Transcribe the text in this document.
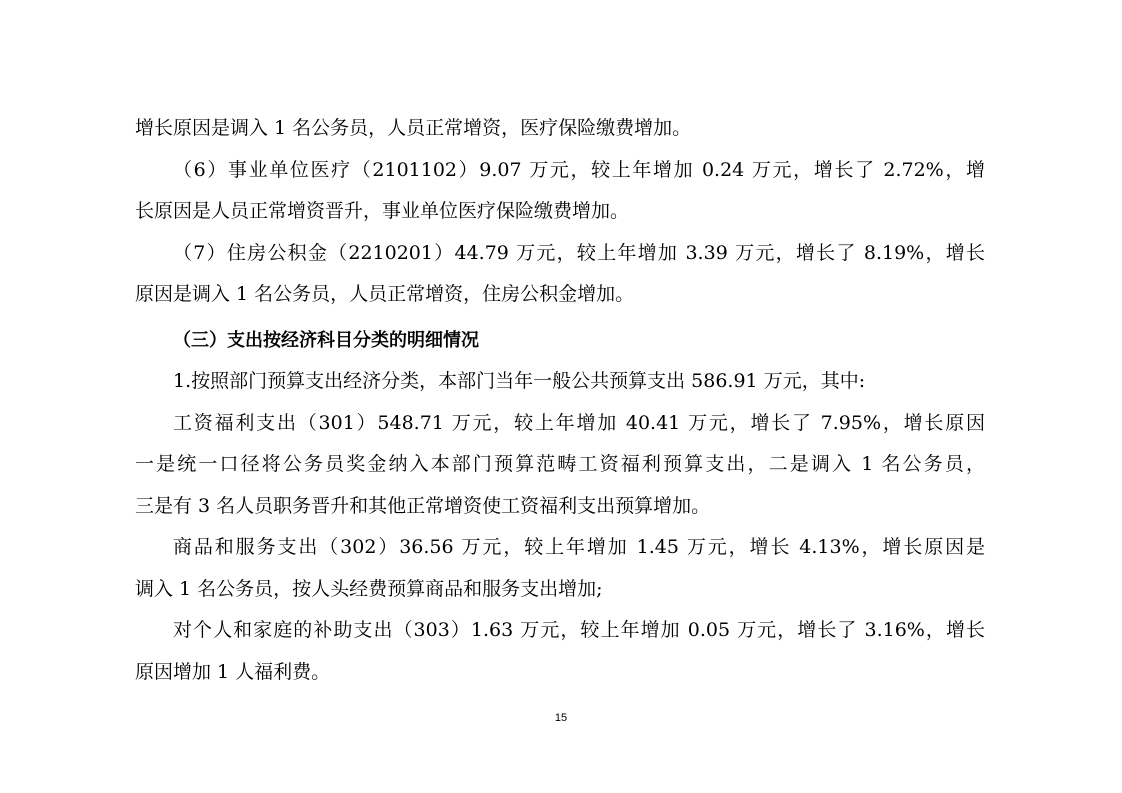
增长原因是调入 1 名公务员，人员正常增资，医疗保险缴费增加。
（6）事业单位医疗（2101102）9.07 万元，较上年增加 0.24 万元，增长了 2.72%，增
长原因是人员正常增资晋升，事业单位医疗保险缴费增加。
（7）住房公积金（2210201）44.79 万元，较上年增加 3.39 万元，增长了 8.19%，增长
原因是调入 1 名公务员，人员正常增资，住房公积金增加。
（三）支出按经济科目分类的明细情况
1.按照部门预算支出经济分类，本部门当年一般公共预算支出 586.91 万元，其中:
工资福利支出（301）548.71 万元，较上年增加 40.41 万元，增长了 7.95%，增长原因
一是统一口径将公务员奖金纳入本部门预算范畴工资福利预算支出，二是调入 1 名公务员，
三是有 3 名人员职务晋升和其他正常增资使工资福利支出预算增加。
商品和服务支出（302）36.56 万元，较上年增加 1.45 万元，增长 4.13%，增长原因是
调入 1 名公务员，按人头经费预算商品和服务支出增加;
对个人和家庭的补助支出（303）1.63 万元，较上年增加 0.05 万元，增长了 3.16%，增长
原因增加 1 人福利费。
15
